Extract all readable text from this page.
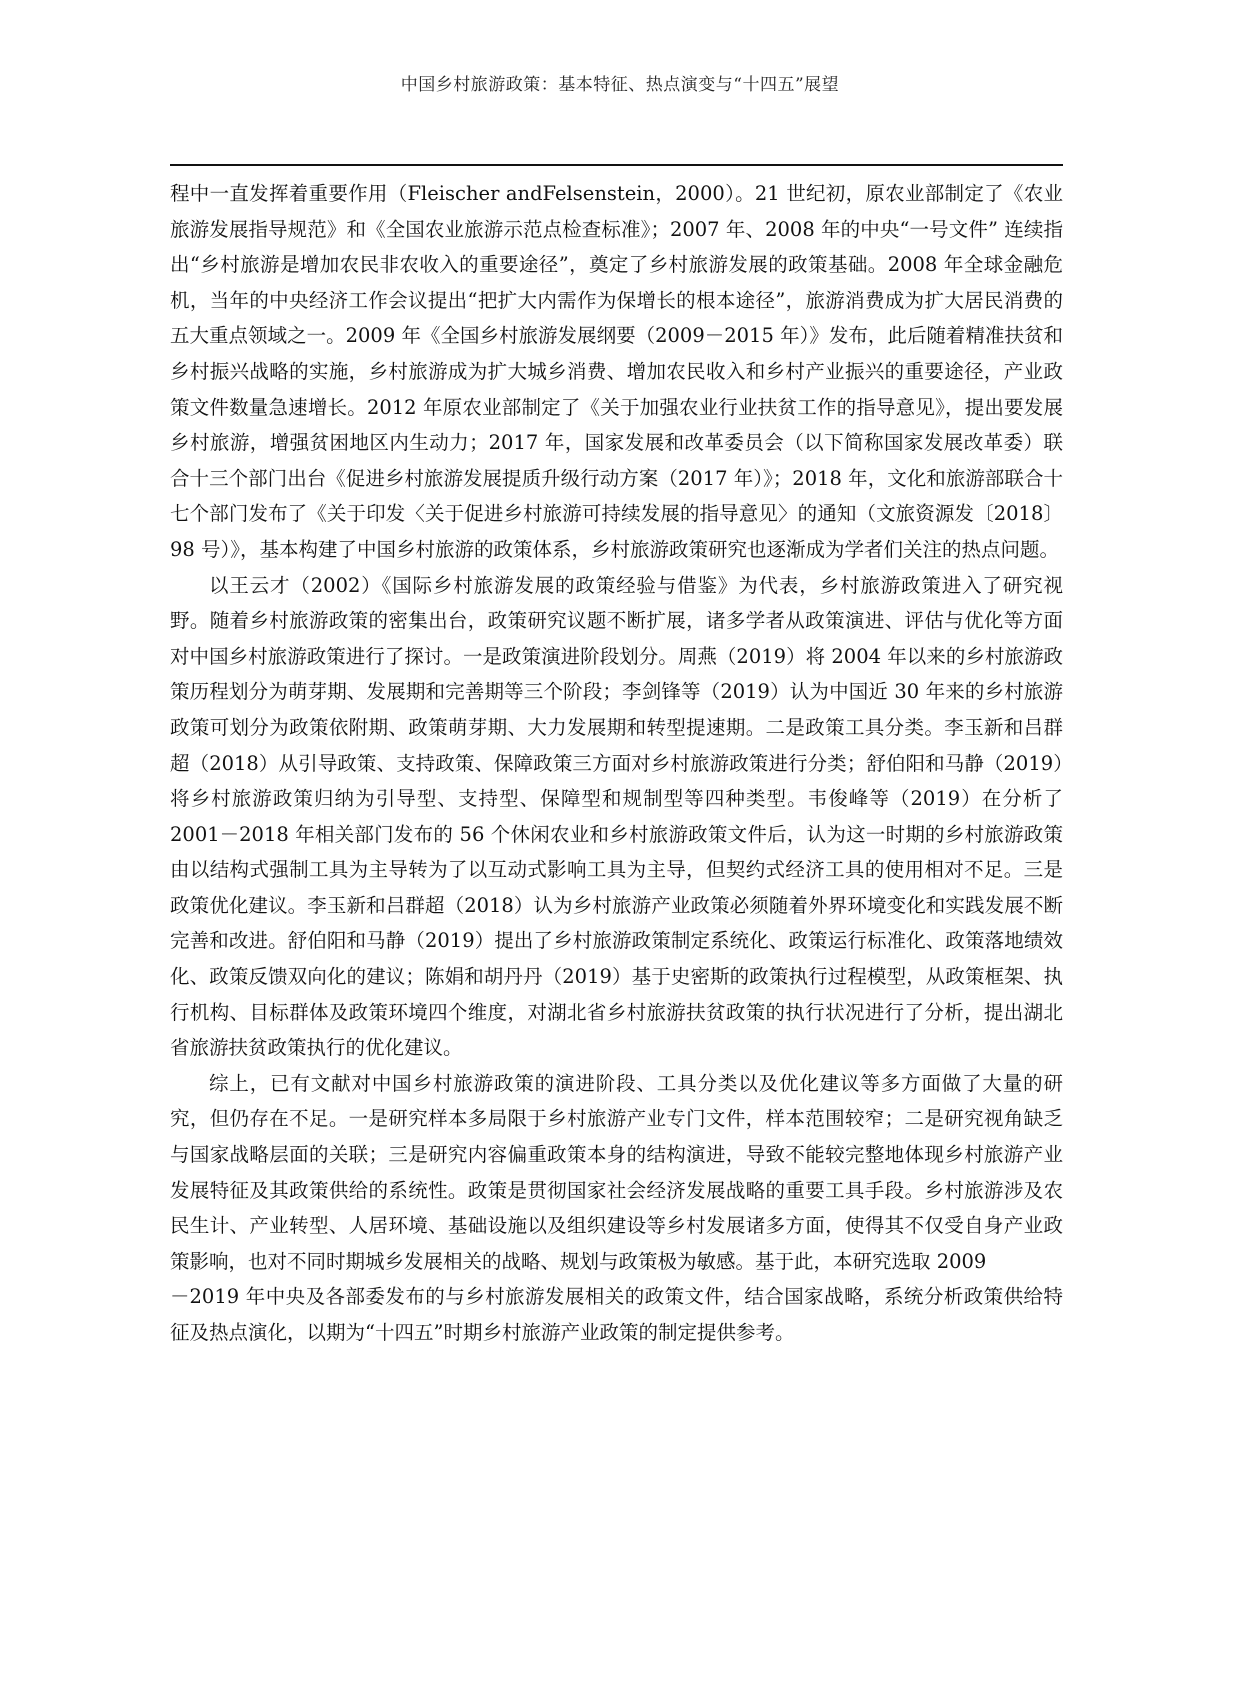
中国乡村旅游政策：基本特征、热点演变与“十四五”展望

程中一直发挥着重要作用（Fleischer andFelsenstein，2000）。21 世纪初，原农业部制定了《农业旅游发展指导规范》和《全国农业旅游示范点检查标准》；2007 年、2008 年的中央“一号文件” 连续指出“乡村旅游是增加农民非农收入的重要途径”，奠定了乡村旅游发展的政策基础。2008 年全球金融危机，当年的中央经济工作会议提出“把扩大内需作为保增长的根本途径”，旅游消费成为扩大居民消费的五大重点领域之一。2009 年《全国乡村旅游发展纲要（2009－2015 年）》发布，此后随着精准扶贫和乡村振兴战略的实施，乡村旅游成为扩大城乡消费、增加农民收入和乡村产业振兴的重要途径，产业政策文件数量急速增长。2012 年原农业部制定了《关于加强农业行业扶贫工作的指导意见》，提出要发展乡村旅游，增强贫困地区内生动力；2017 年，国家发展和改革委员会（以下简称国家发展改革委）联合十三个部门出台《促进乡村旅游发展提质升级行动方案（2017 年）》；2018 年，文化和旅游部联合十七个部门发布了《关于印发〈关于促进乡村旅游可持续发展的指导意见〉的通知（文旅资源发〔2018〕98 号）》，基本构建了中国乡村旅游的政策体系，乡村旅游政策研究也逐渐成为学者们关注的热点问题。

以王云才（2002）《国际乡村旅游发展的政策经验与借鉴》为代表，乡村旅游政策进入了研究视野。随着乡村旅游政策的密集出台，政策研究议题不断扩展，诸多学者从政策演进、评估与优化等方面对中国乡村旅游政策进行了探讨。一是政策演进阶段划分。周燕（2019）将 2004 年以来的乡村旅游政策历程划分为萌芽期、发展期和完善期等三个阶段；李剑锋等（2019）认为中国近 30 年来的乡村旅游政策可划分为政策依附期、政策萌芽期、大力发展期和转型提速期。二是政策工具分类。李玉新和吕群超（2018）从引导政策、支持政策、保障政策三方面对乡村旅游政策进行分类；舒伯阳和马静（2019）将乡村旅游政策归纳为引导型、支持型、保障型和规制型等四种类型。韦俊峰等（2019）在分析了 2001－2018 年相关部门发布的 56 个休闲农业和乡村旅游政策文件后，认为这一时期的乡村旅游政策由以结构式强制工具为主导转为了以互动式影响工具为主导，但契约式经济工具的使用相对不足。三是政策优化建议。李玉新和吕群超（2018）认为乡村旅游产业政策必须随着外界环境变化和实践发展不断完善和改进。舒伯阳和马静（2019）提出了乡村旅游政策制定系统化、政策运行标准化、政策落地绩效化、政策反馈双向化的建议；陈娟和胡丹丹（2019）基于史密斯的政策执行过程模型，从政策框架、执行机构、目标群体及政策环境四个维度，对湖北省乡村旅游扶贫政策的执行状况进行了分析，提出湖北省旅游扶贫政策执行的优化建议。

综上，已有文献对中国乡村旅游政策的演进阶段、工具分类以及优化建议等多方面做了大量的研究，但仍存在不足。一是研究样本多局限于乡村旅游产业专门文件，样本范围较窄；二是研究视角缺乏与国家战略层面的关联；三是研究内容偏重政策本身的结构演进，导致不能较完整地体现乡村旅游产业发展特征及其政策供给的系统性。政策是贯彻国家社会经济发展战略的重要工具手段。乡村旅游涉及农民生计、产业转型、人居环境、基础设施以及组织建设等乡村发展诸多方面，使得其不仅受自身产业政策影响，也对不同时期城乡发展相关的战略、规划与政策极为敏感。基于此，本研究选取 2009

－2019 年中央及各部委发布的与乡村旅游发展相关的政策文件，结合国家战略，系统分析政策供给特征及热点演化，以期为“十四五”时期乡村旅游产业政策的制定提供参考。
